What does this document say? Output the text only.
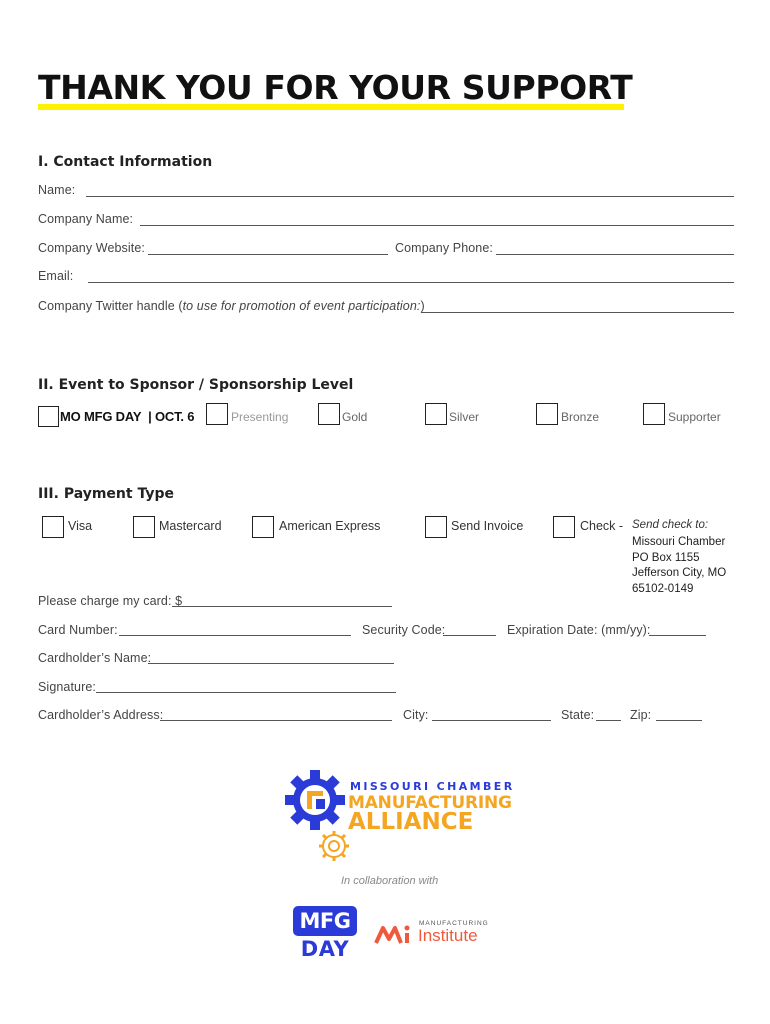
THANK YOU FOR YOUR SUPPORT
I. Contact Information
Name:
Company Name:
Company Website:	Company Phone:
Email:
Company Twitter handle (to use for promotion of event participation:)
II. Event to Sponsor / Sponsorship Level
MO MFG DAY | OCT. 6	Presenting	Gold	Silver	Bronze	Supporter
III. Payment Type
Visa	Mastercard	American Express	Send Invoice	Check - Send check to:
Missouri Chamber
PO Box 1155
Jefferson City, MO
65102-0149
Please charge my card: $
Card Number:	Security Code:	Expiration Date: (mm/yy):
Cardholder’s Name:
Signature:
Cardholder’s Address:	City:	State:	Zip:
MISSOURI CHAMBER
MANUFACTURING
ALLIANCE
In collaboration with
MFG
DAY
MANUFACTURING
Institute
